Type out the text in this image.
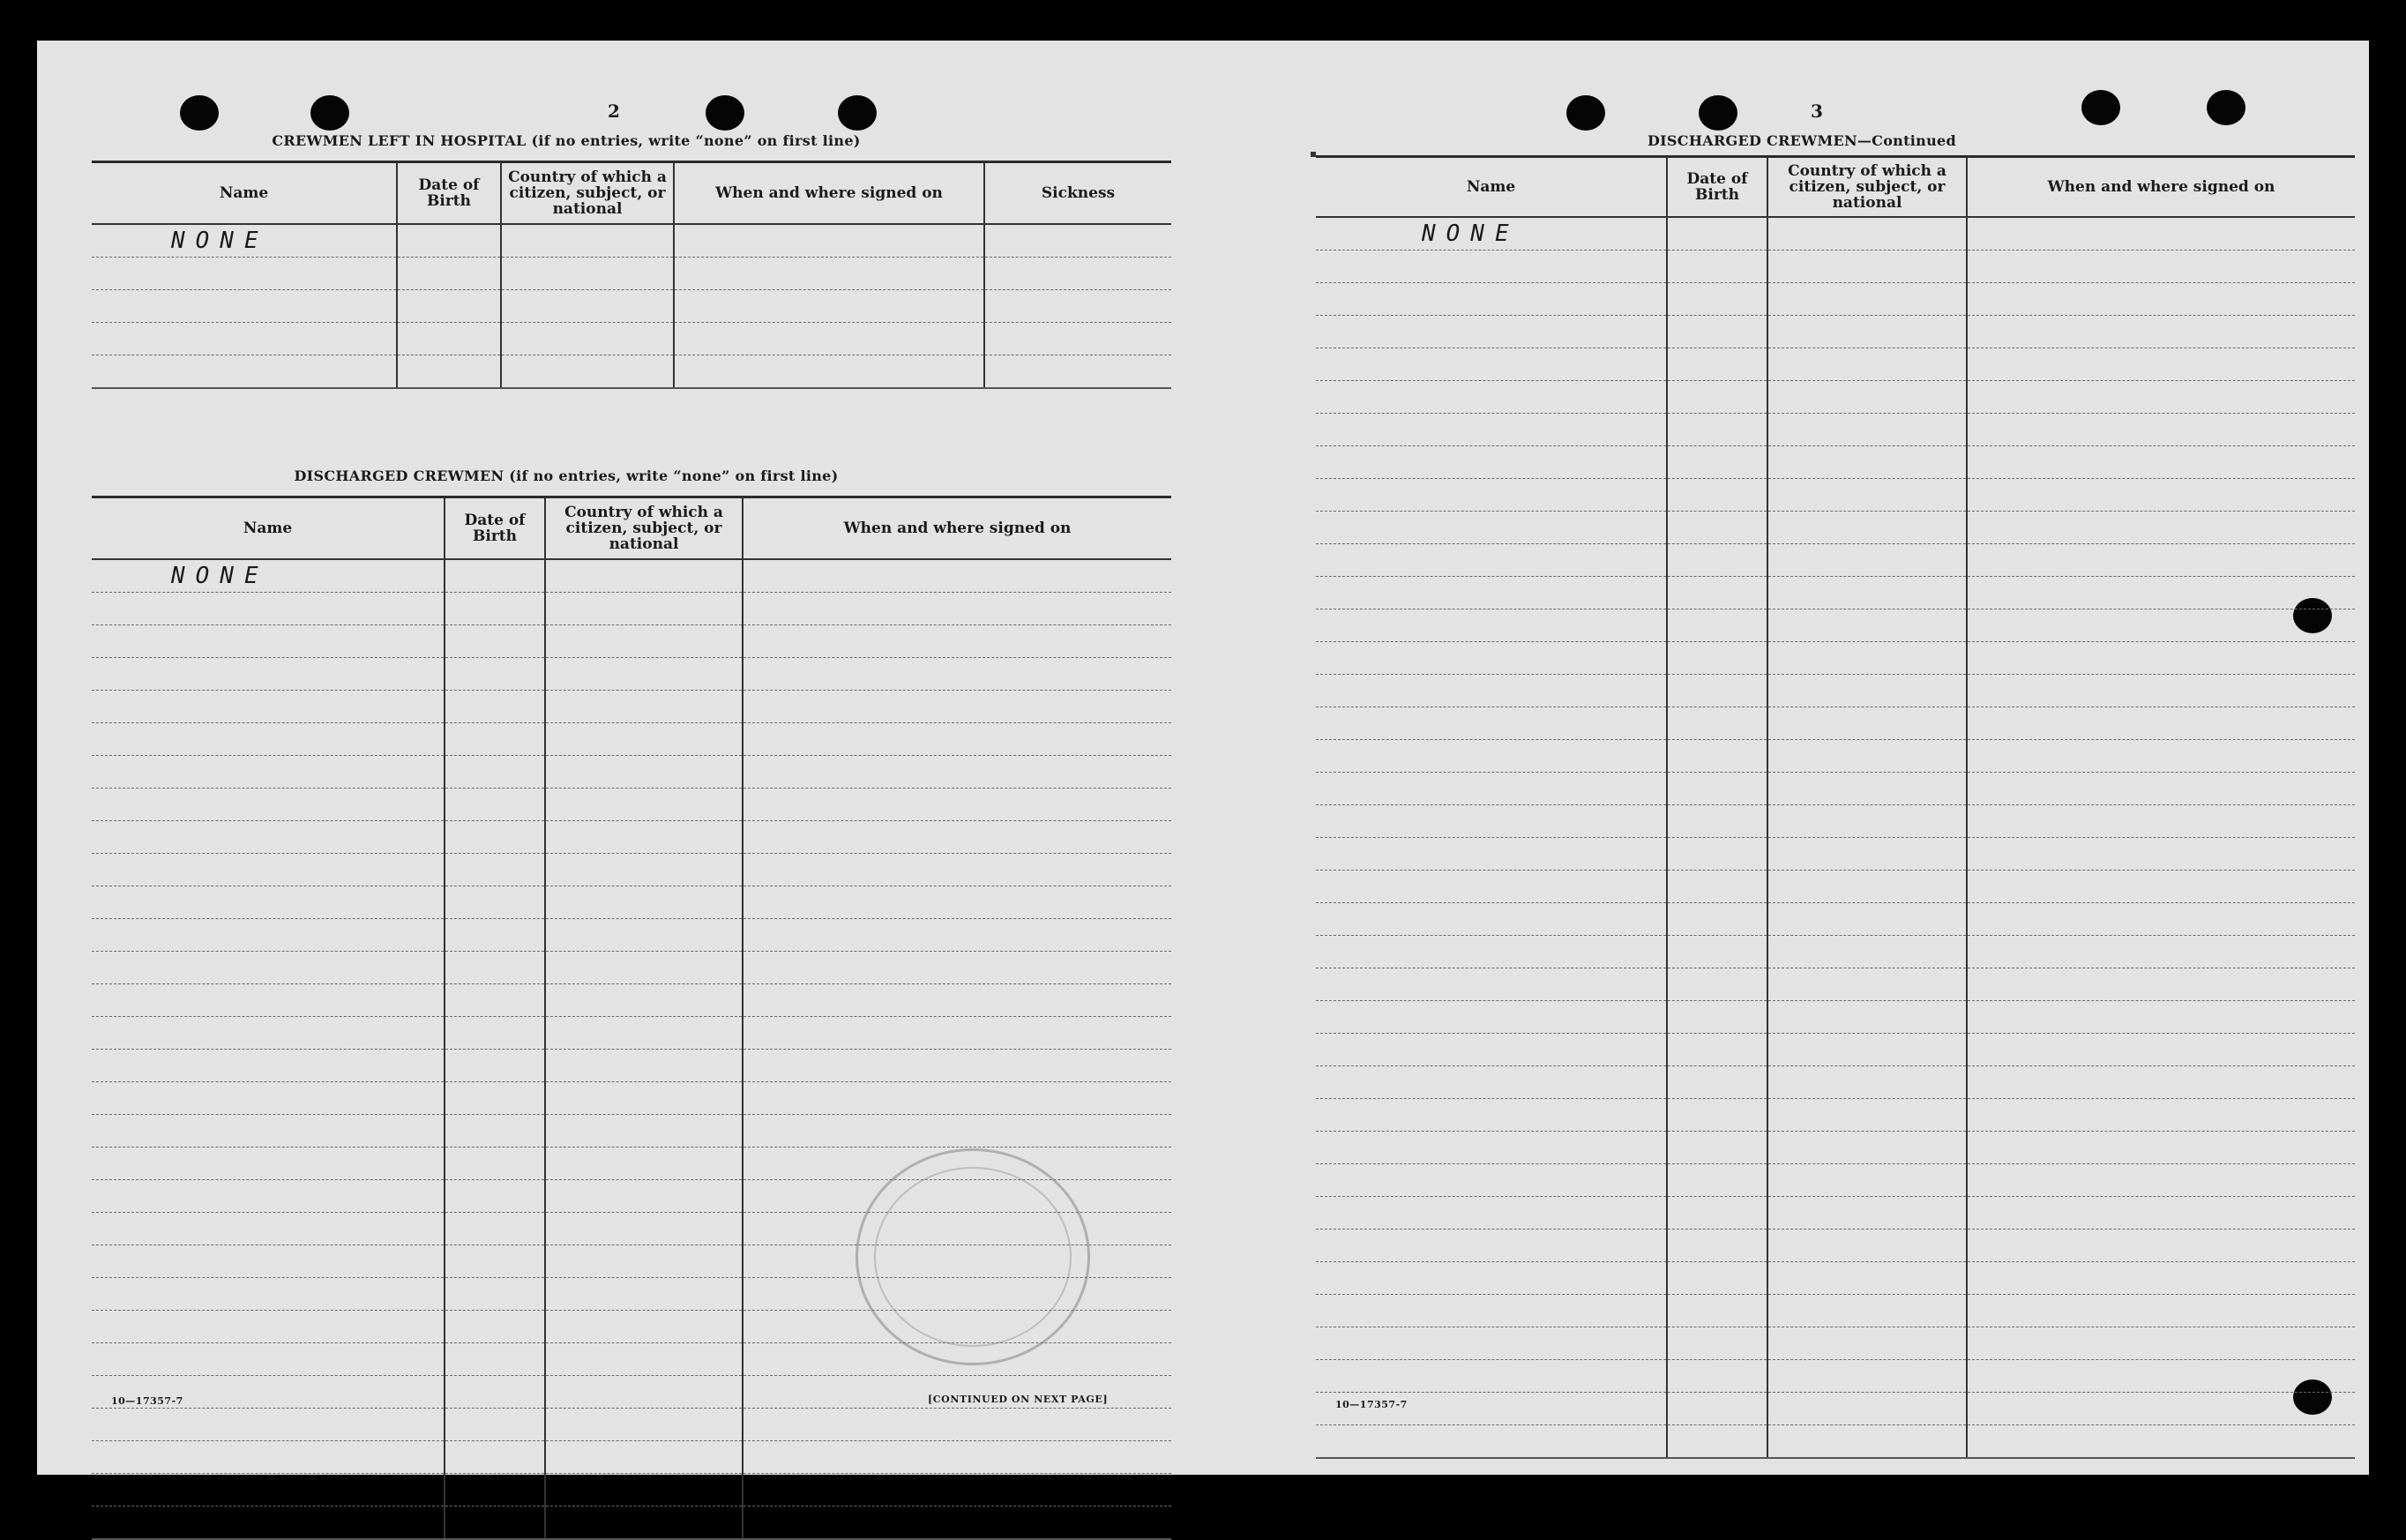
2
CREWMEN LEFT IN HOSPITAL (if no entries, write “none” on first line)
Name	Date of Birth	Country of which a citizen, subject, or national	When and where signed on	Sickness
NONE				

DISCHARGED CREWMEN (if no entries, write “none” on first line)
Name	Date of Birth	Country of which a citizen, subject, or national	When and where signed on
NONE			

10—17357-7	[CONTINUED ON NEXT PAGE]
3
DISCHARGED CREWMEN—Continued
Name	Date of Birth	Country of which a citizen, subject, or national	When and where signed on
NONE			

10—17357-7
